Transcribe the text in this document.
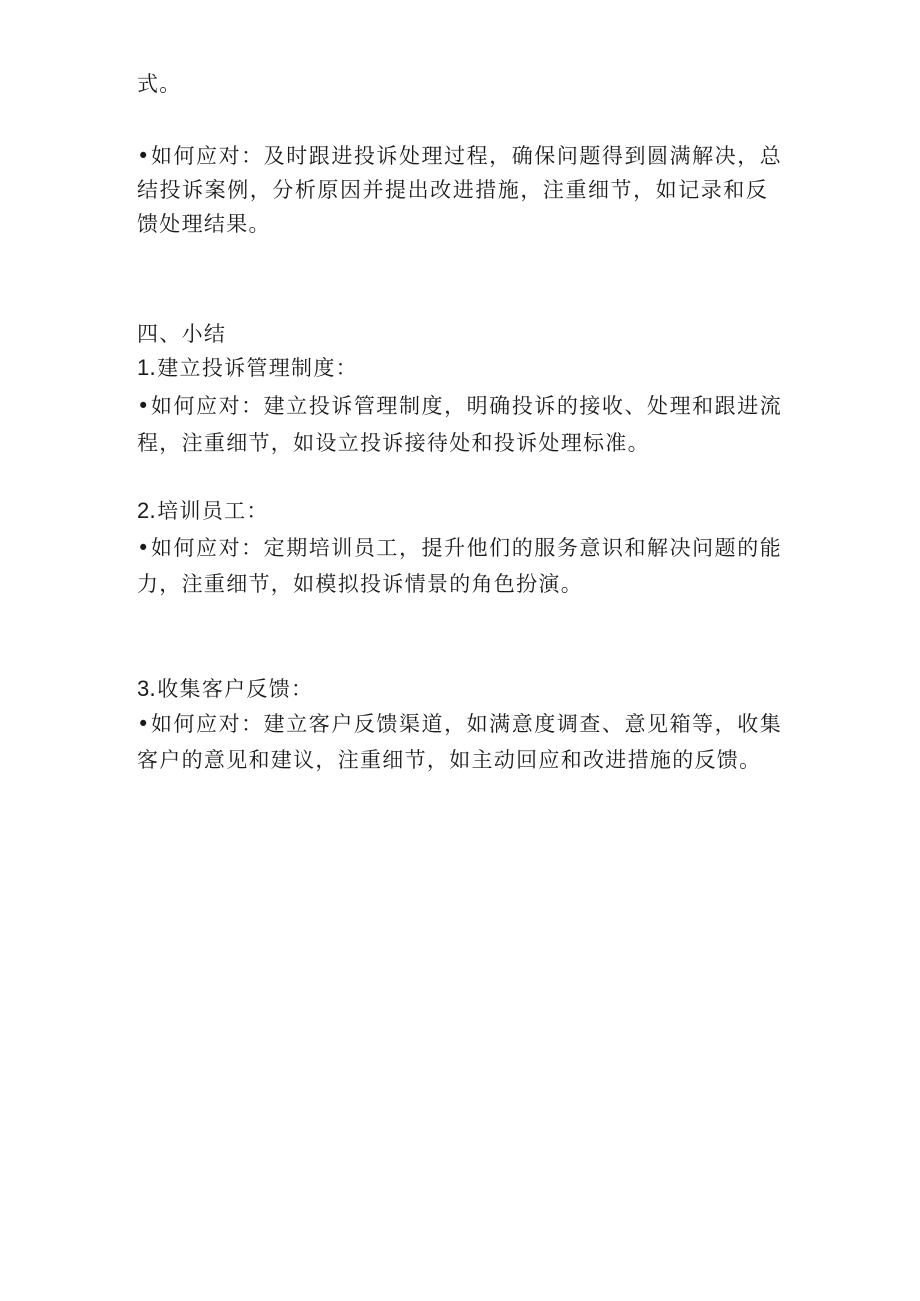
式。
•如何应对：及时跟进投诉处理过程，确保问题得到圆满解决，总
结投诉案例，分析原因并提出改进措施，注重细节，如记录和反
馈处理结果。
四、小结
1.建立投诉管理制度：
•如何应对：建立投诉管理制度，明确投诉的接收、处理和跟进流
程，注重细节，如设立投诉接待处和投诉处理标准。
2.培训员工：
•如何应对：定期培训员工，提升他们的服务意识和解决问题的能
力，注重细节，如模拟投诉情景的角色扮演。
3.收集客户反馈：
•如何应对：建立客户反馈渠道，如满意度调查、意见箱等，收集
客户的意见和建议，注重细节，如主动回应和改进措施的反馈。
